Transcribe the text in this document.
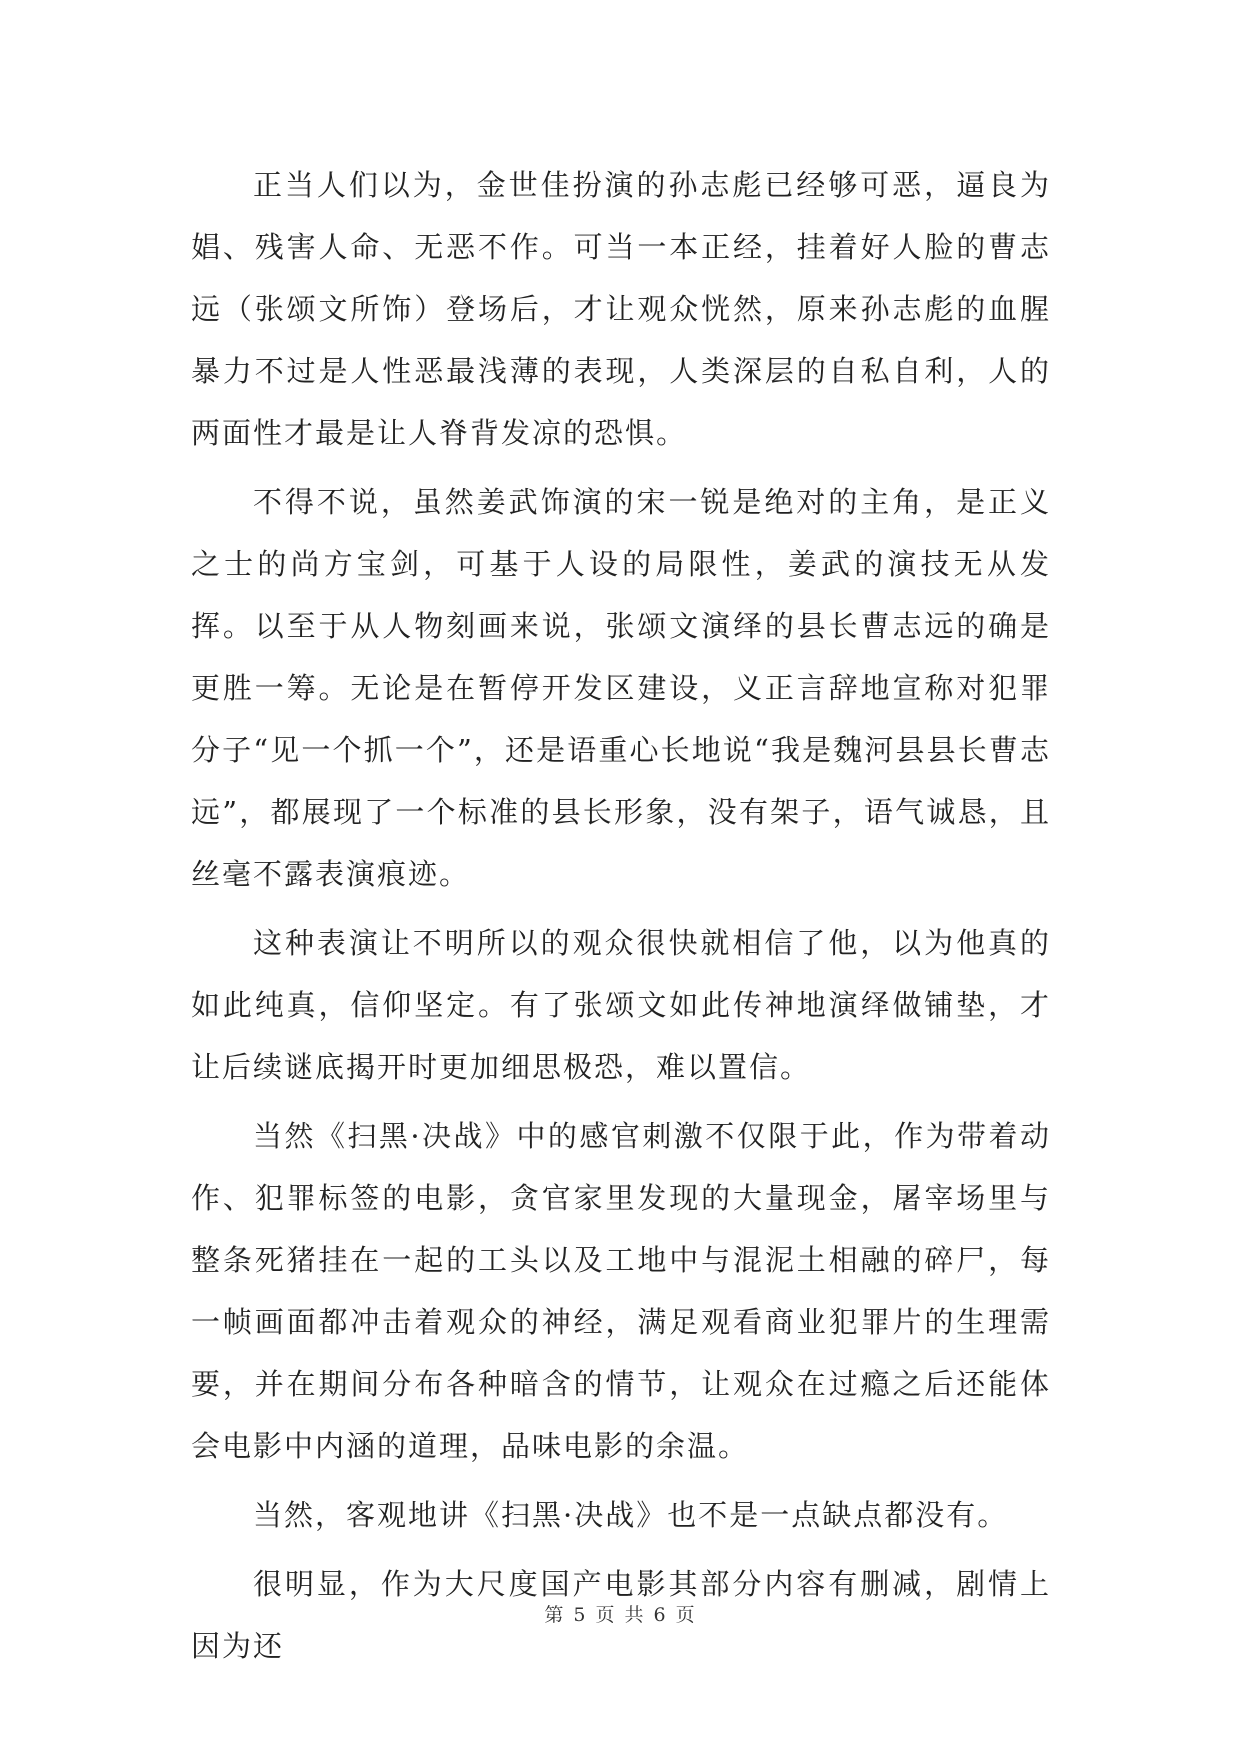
正当人们以为，金世佳扮演的孙志彪已经够可恶，逼良为娼、残害人命、无恶不作。可当一本正经，挂着好人脸的曹志远（张颂文所饰）登场后，才让观众恍然，原来孙志彪的血腥暴力不过是人性恶最浅薄的表现，人类深层的自私自利，人的两面性才最是让人脊背发凉的恐惧。

不得不说，虽然姜武饰演的宋一锐是绝对的主角，是正义之士的尚方宝剑，可基于人设的局限性，姜武的演技无从发挥。以至于从人物刻画来说，张颂文演绎的县长曹志远的确是更胜一筹。无论是在暂停开发区建设，义正言辞地宣称对犯罪分子“见一个抓一个”，还是语重心长地说“我是魏河县县长曹志远”，都展现了一个标准的县长形象，没有架子，语气诚恳，且丝毫不露表演痕迹。

这种表演让不明所以的观众很快就相信了他，以为他真的如此纯真，信仰坚定。有了张颂文如此传神地演绎做铺垫，才让后续谜底揭开时更加细思极恐，难以置信。

当然《扫黑·决战》中的感官刺激不仅限于此，作为带着动作、犯罪标签的电影，贪官家里发现的大量现金，屠宰场里与整条死猪挂在一起的工头以及工地中与混泥土相融的碎尸，每一帧画面都冲击着观众的神经，满足观看商业犯罪片的生理需要，并在期间分布各种暗含的情节，让观众在过瘾之后还能体会电影中内涵的道理，品味电影的余温。

当然，客观地讲《扫黑·决战》也不是一点缺点都没有。

很明显，作为大尺度国产电影其部分内容有删减，剧情上因为还

第 5 页 共 6 页
